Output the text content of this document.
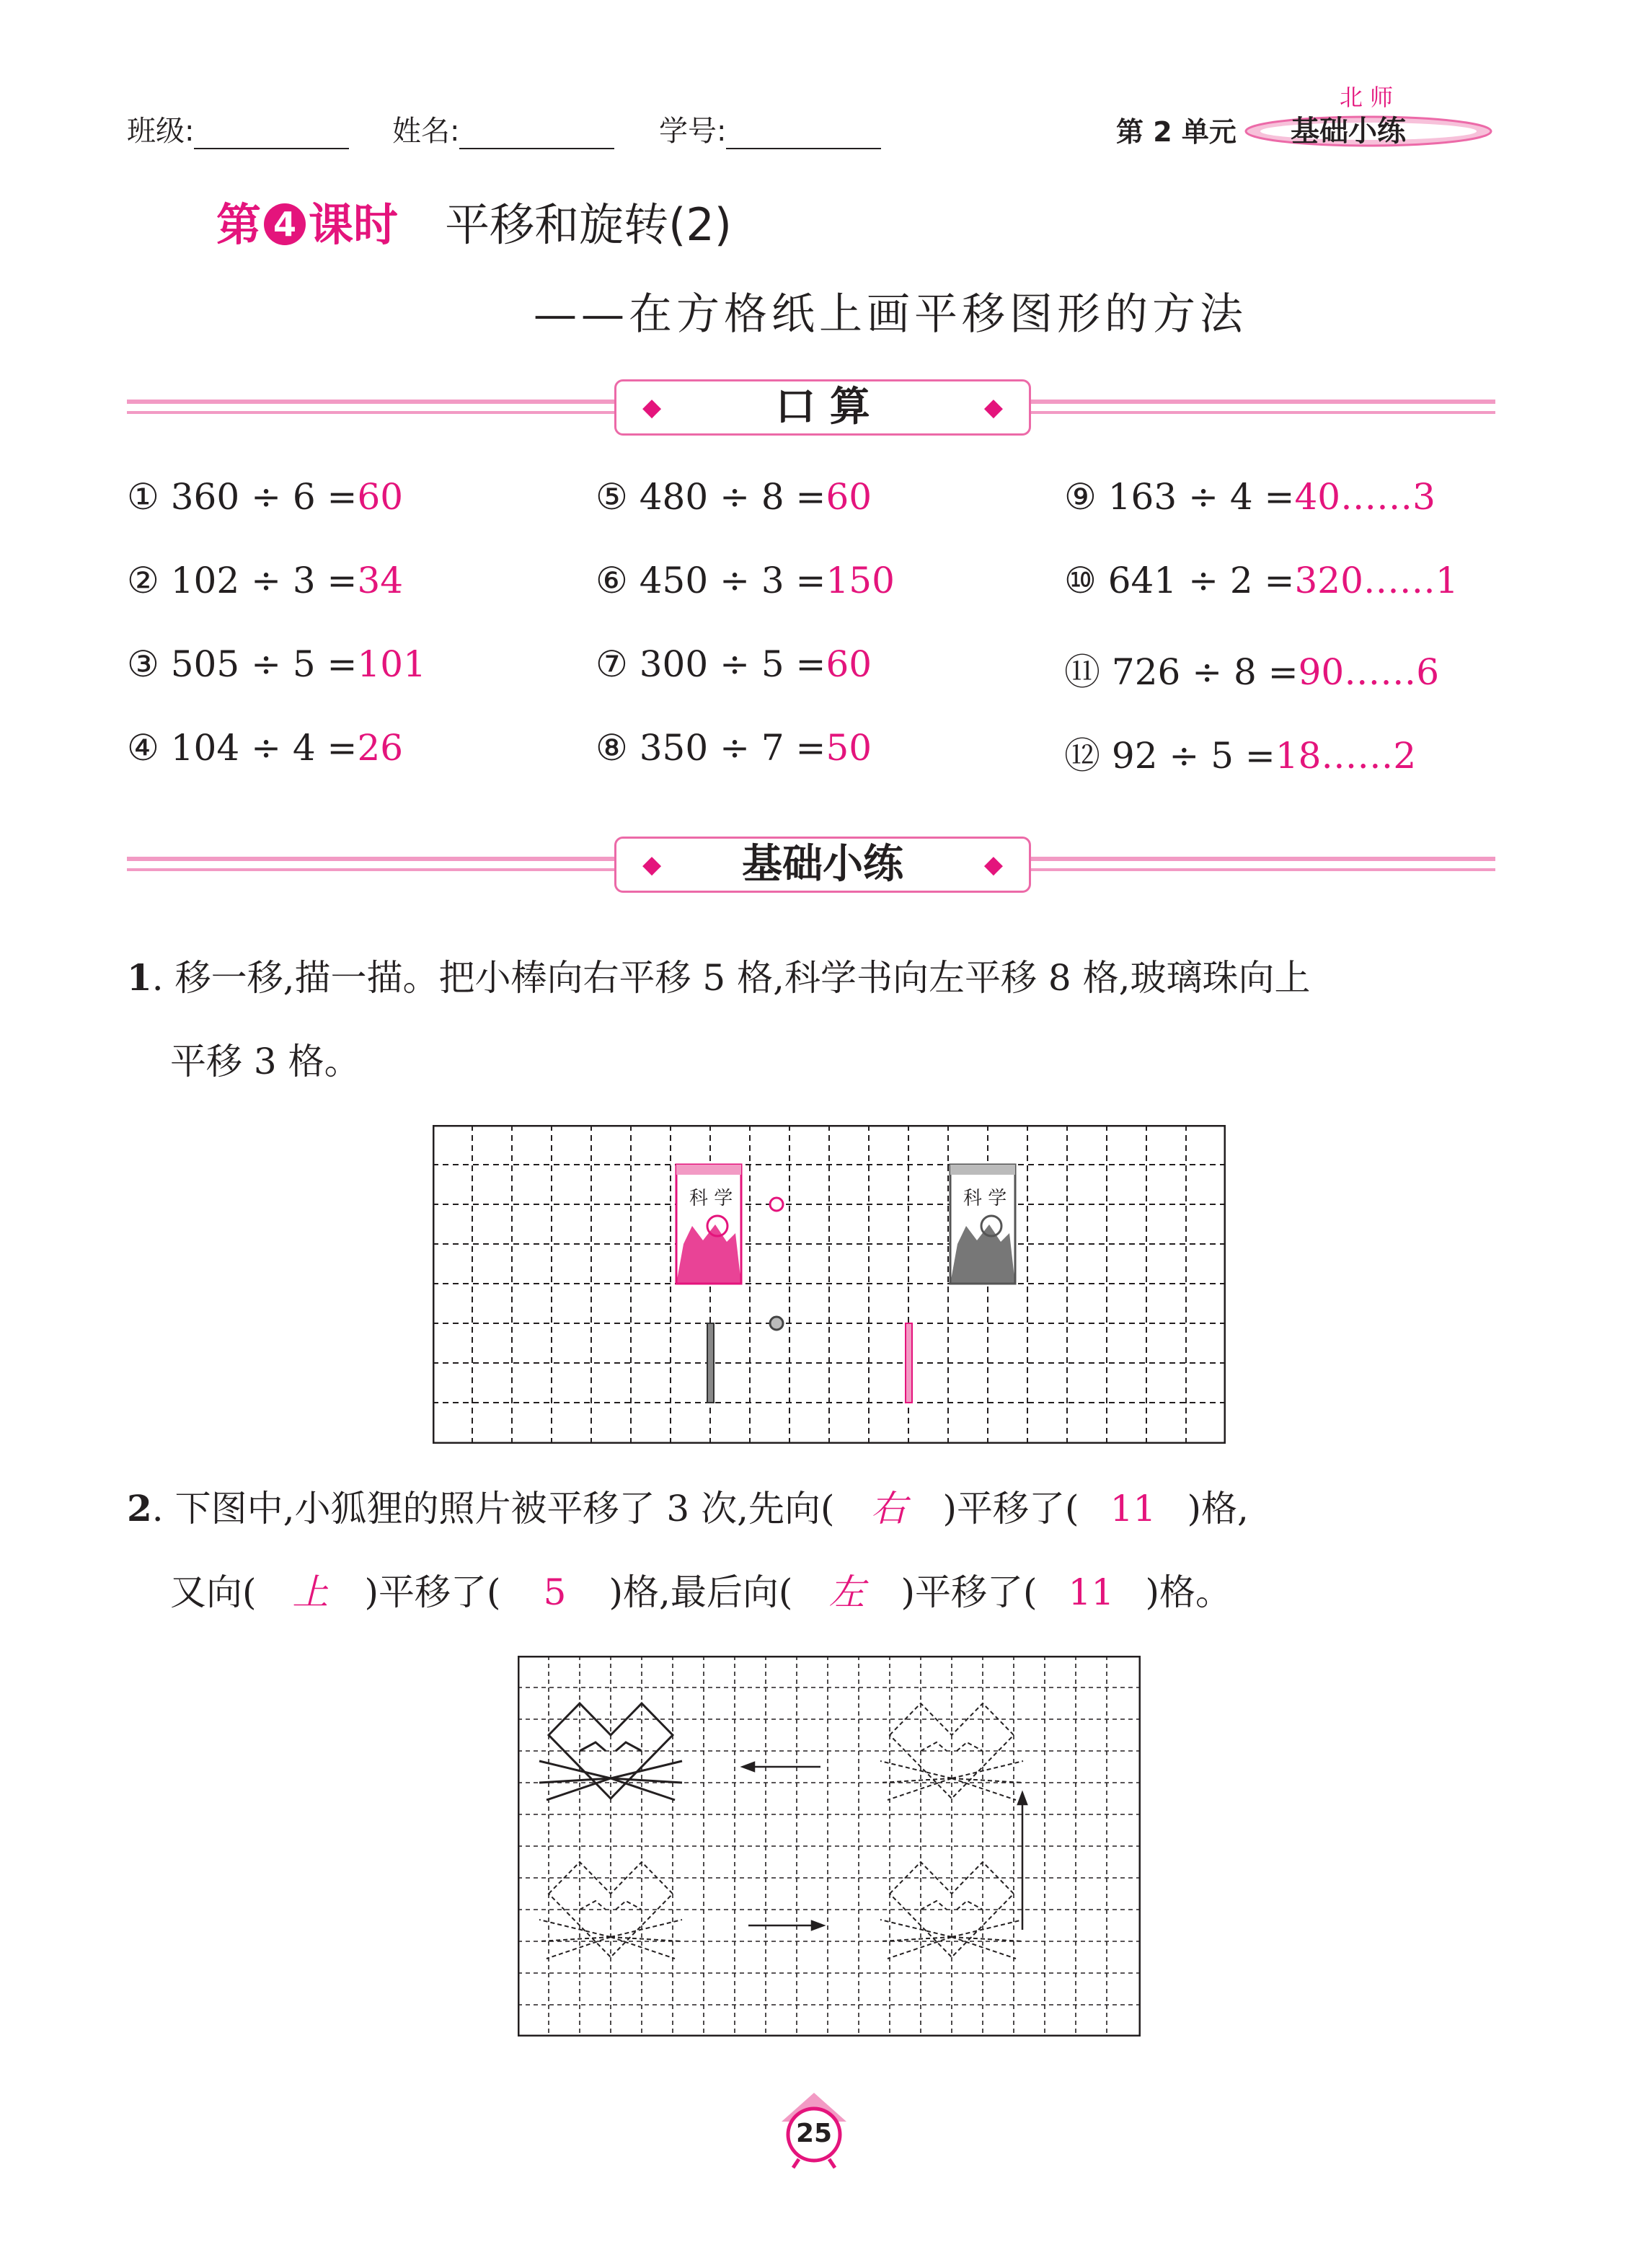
班级:	姓名:	学号:	第 2 单元
北 师
基础小练
第 4 课时 平移和旋转(2)
——在方格纸上画平移图形的方法
◆	口 算	◆
① 360 ÷ 6 =60
② 102 ÷ 3 =34
③ 505 ÷ 5 =101
④ 104 ÷ 4 =26
⑤ 480 ÷ 8 =60
⑥ 450 ÷ 3 =150
⑦ 300 ÷ 5 =60
⑧ 350 ÷ 7 =50
⑨ 163 ÷ 4 =40……3
⑩ 641 ÷ 2 =320……1
⑪ 726 ÷ 8 =90……6
⑫ 92 ÷ 5 =18……2
◆ 基础小练	◆
1. 移一移,描一描。把小棒向右平移 5 格,科学书向左平移 8 格,玻璃珠向上
平移 3 格。
科 学	科 学
2. 下图中,小狐狸的照片被平移了 3 次,先向( 右 )平移了( 11 )格,
又向( 上 )平移了( 5 )格,最后向( 左 )平移了( 11 )格。
25
